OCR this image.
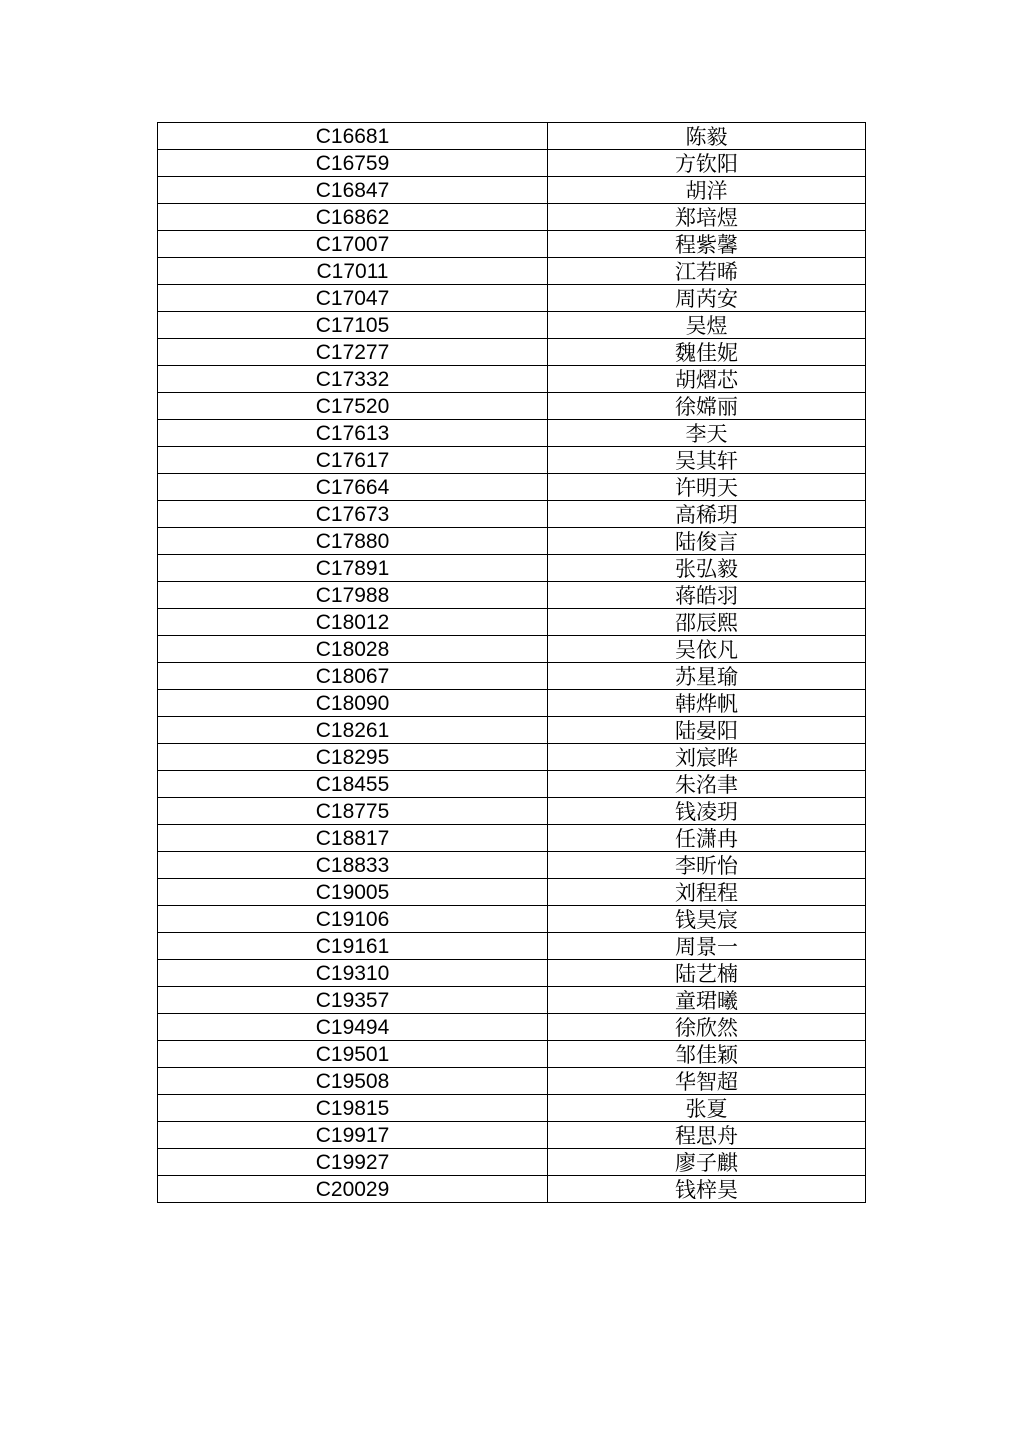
C16681	陈毅
C16759	方钦阳
C16847	胡洋
C16862	郑培煜
C17007	程紫馨
C17011	江若晞
C17047	周芮安
C17105	吴煜
C17277	魏佳妮
C17332	胡熠芯
C17520	徐嫦丽
C17613	李天
C17617	吴其轩
C17664	许明天
C17673	高稀玥
C17880	陆俊言
C17891	张弘毅
C17988	蒋皓羽
C18012	邵辰熙
C18028	吴依凡
C18067	苏星瑜
C18090	韩烨帆
C18261	陆晏阳
C18295	刘宸晔
C18455	朱洺聿
C18775	钱凌玥
C18817	任潇冉
C18833	李昕怡
C19005	刘程程
C19106	钱昊宸
C19161	周景一
C19310	陆艺楠
C19357	童珺曦
C19494	徐欣然
C19501	邹佳颖
C19508	华智超
C19815	张夏
C19917	程思舟
C19927	廖子麒
C20029	钱梓昊
